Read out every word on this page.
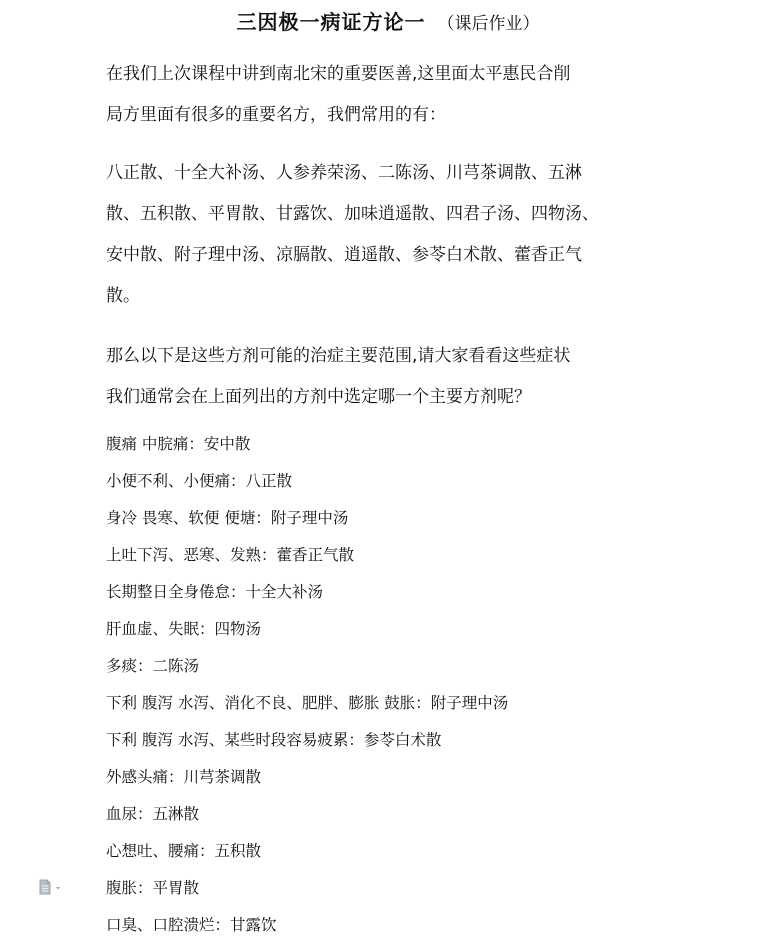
三因极一病证方论一 （课后作业）
在我们上次课程中讲到南北宋的重要医善,这里面太平惠民合削
局方里面有很多的重要名方，我們常用的有：
八正散、十全大补汤、人参养荣汤、二陈汤、川芎茶调散、五淋
散、五积散、平胃散、甘露饮、加味逍遥散、四君子汤、四物汤、
安中散、附子理中汤、凉膈散、逍遥散、参苓白术散、藿香正气
散。
那么以下是这些方剂可能的治症主要范围,请大家看看这些症状
我们通常会在上面列出的方剂中选定哪一个主要方剂呢？
腹痛 中脘痛：安中散
小便不利、小便痛：八正散
身冷 畏寒、软便 便塘：附子理中汤
上吐下泻、恶寒、发熟：藿香正气散
长期整日全身倦怠：十全大补汤
肝血虚、失眠：四物汤
多痰：二陈汤
下利 腹泻 水泻、消化不良、肥胖、膨胀 鼓胀：附子理中汤
下利 腹泻 水泻、某些时段容易疲累：参苓白术散
外感头痛：川芎茶调散
血尿：五淋散
心想吐、腰痛：五积散
腹胀：平胃散
口臭、口腔溃烂：甘露饮
